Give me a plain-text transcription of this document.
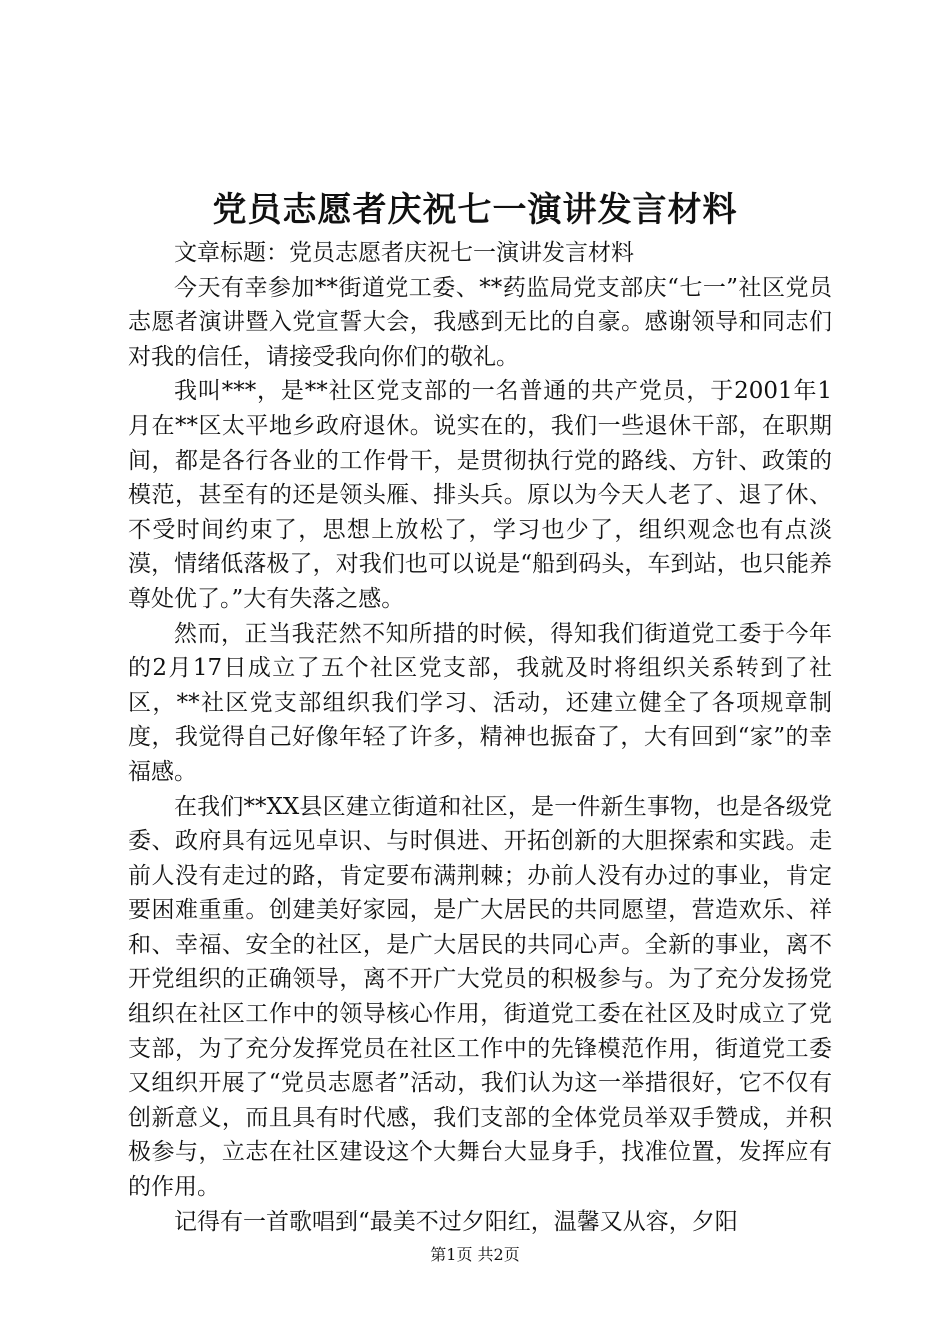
党员志愿者庆祝七一演讲发言材料

文章标题：党员志愿者庆祝七一演讲发言材料

今天有幸参加**街道党工委、**药监局党支部庆“七一”社区党员志愿者演讲暨入党宣誓大会，我感到无比的自豪。感谢领导和同志们对我的信任，请接受我向你们的敬礼。

我叫***，是**社区党支部的一名普通的共产党员，于2001年1月在**区太平地乡政府退休。说实在的，我们一些退休干部，在职期间，都是各行各业的工作骨干，是贯彻执行党的路线、方针、政策的模范，甚至有的还是领头雁、排头兵。原以为今天人老了、退了休、不受时间约束了，思想上放松了，学习也少了，组织观念也有点淡漠，情绪低落极了，对我们也可以说是“船到码头，车到站，也只能养尊处优了。”大有失落之感。

然而，正当我茫然不知所措的时候，得知我们街道党工委于今年的2月17日成立了五个社区党支部，我就及时将组织关系转到了社区，**社区党支部组织我们学习、活动，还建立健全了各项规章制度，我觉得自己好像年轻了许多，精神也振奋了，大有回到“家”的幸福感。

在我们**XX县区建立街道和社区，是一件新生事物，也是各级党委、政府具有远见卓识、与时俱进、开拓创新的大胆探索和实践。走前人没有走过的路，肯定要布满荆棘；办前人没有办过的事业，肯定要困难重重。创建美好家园，是广大居民的共同愿望，营造欢乐、祥和、幸福、安全的社区，是广大居民的共同心声。全新的事业，离不开党组织的正确领导，离不开广大党员的积极参与。为了充分发扬党组织在社区工作中的领导核心作用，街道党工委在社区及时成立了党支部，为了充分发挥党员在社区工作中的先锋模范作用，街道党工委又组织开展了“党员志愿者”活动，我们认为这一举措很好，它不仅有创新意义，而且具有时代感，我们支部的全体党员举双手赞成，并积极参与，立志在社区建设这个大舞台大显身手，找准位置，发挥应有的作用。

记得有一首歌唱到“最美不过夕阳红，温馨又从容，夕阳

第1页 共2页
